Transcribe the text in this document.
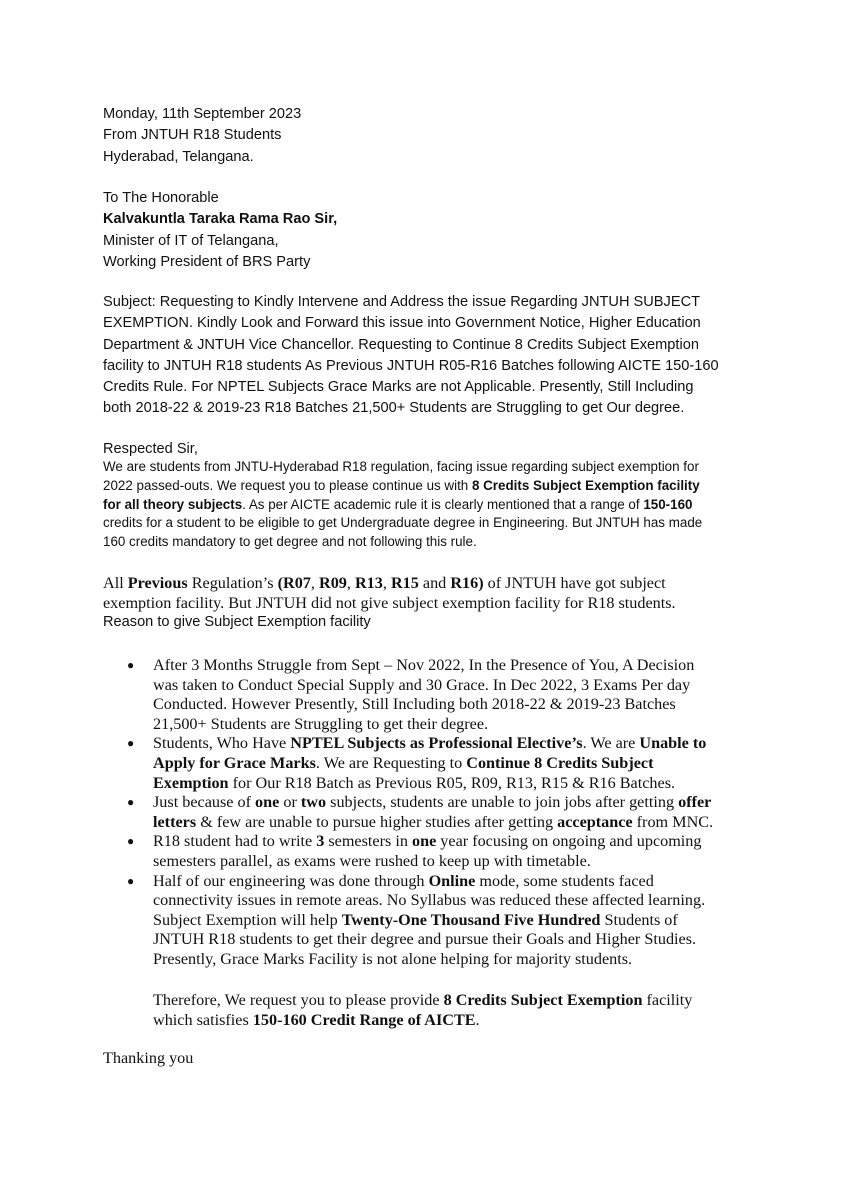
Monday, 11th September 2023
From JNTUH R18 Students
Hyderabad, Telangana.
To The Honorable
Kalvakuntla Taraka Rama Rao Sir,
Minister of IT of Telangana,
Working President of BRS Party
Subject: Requesting to Kindly Intervene and Address the issue Regarding JNTUH SUBJECT
EXEMPTION. Kindly Look and Forward this issue into Government Notice, Higher Education
Department & JNTUH Vice Chancellor. Requesting to Continue 8 Credits Subject Exemption
facility to JNTUH R18 students As Previous JNTUH R05-R16 Batches following AICTE 150-160
Credits Rule. For NPTEL Subjects Grace Marks are not Applicable. Presently, Still Including
both 2018-22 & 2019-23 R18 Batches 21,500+ Students are Struggling to get Our degree.
Respected Sir,
We are students from JNTU-Hyderabad R18 regulation, facing issue regarding subject exemption for
2022 passed-outs. We request you to please continue us with 8 Credits Subject Exemption facility
for all theory subjects. As per AICTE academic rule it is clearly mentioned that a range of 150-160
credits for a student to be eligible to get Undergraduate degree in Engineering. But JNTUH has made
160 credits mandatory to get degree and not following this rule.
All Previous Regulation’s (R07, R09, R13, R15 and R16) of JNTUH have got subject
exemption facility. But JNTUH did not give subject exemption facility for R18 students.
Reason to give Subject Exemption facility
● After 3 Months Struggle from Sept – Nov 2022, In the Presence of You, A Decision
was taken to Conduct Special Supply and 30 Grace. In Dec 2022, 3 Exams Per day
Conducted. However Presently, Still Including both 2018-22 & 2019-23 Batches
21,500+ Students are Struggling to get their degree.
● Students, Who Have NPTEL Subjects as Professional Elective’s. We are Unable to
Apply for Grace Marks. We are Requesting to Continue 8 Credits Subject
Exemption for Our R18 Batch as Previous R05, R09, R13, R15 & R16 Batches.
● Just because of one or two subjects, students are unable to join jobs after getting offer
letters & few are unable to pursue higher studies after getting acceptance from MNC.
● R18 student had to write 3 semesters in one year focusing on ongoing and upcoming
semesters parallel, as exams were rushed to keep up with timetable.
● Half of our engineering was done through Online mode, some students faced
connectivity issues in remote areas. No Syllabus was reduced these affected learning.
Subject Exemption will help Twenty-One Thousand Five Hundred Students of
JNTUH R18 students to get their degree and pursue their Goals and Higher Studies.
Presently, Grace Marks Facility is not alone helping for majority students.
Therefore, We request you to please provide 8 Credits Subject Exemption facility
which satisfies 150-160 Credit Range of AICTE.
Thanking you
